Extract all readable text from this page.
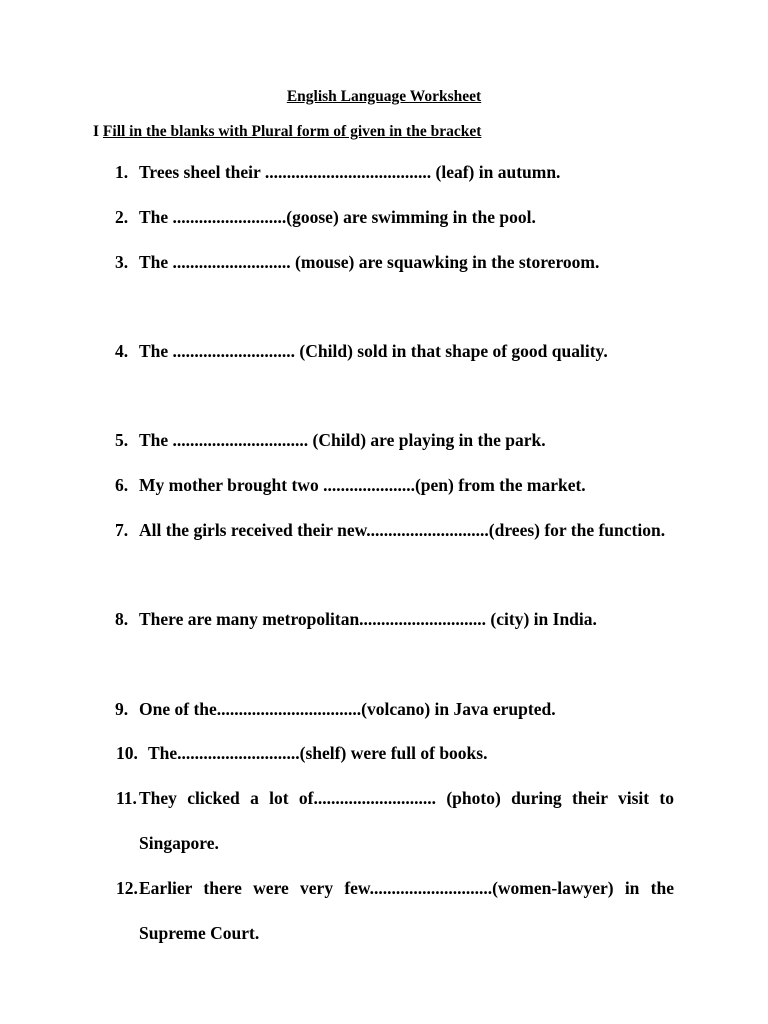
English Language Worksheet
I Fill in the blanks with Plural form of given in the bracket
1. Trees sheel their ...................................... (leaf) in autumn.
2. The ..........................(goose) are swimming in the pool.
3. The ........................... (mouse) are squawking in the storeroom.
4. The ............................ (Child) sold in that shape of good quality.
5. The ............................... (Child) are playing in the park.
6. My mother brought two .....................(pen) from the market.
7. All the girls received their new............................(drees) for the function.
8. There are many metropolitan............................. (city) in India.
9. One of the.................................(volcano) in Java erupted.
10. The............................(shelf) were full of books.
11. They clicked a lot of............................ (photo) during their visit to Singapore.
12. Earlier there were very few............................(women-lawyer) in the Supreme Court.
